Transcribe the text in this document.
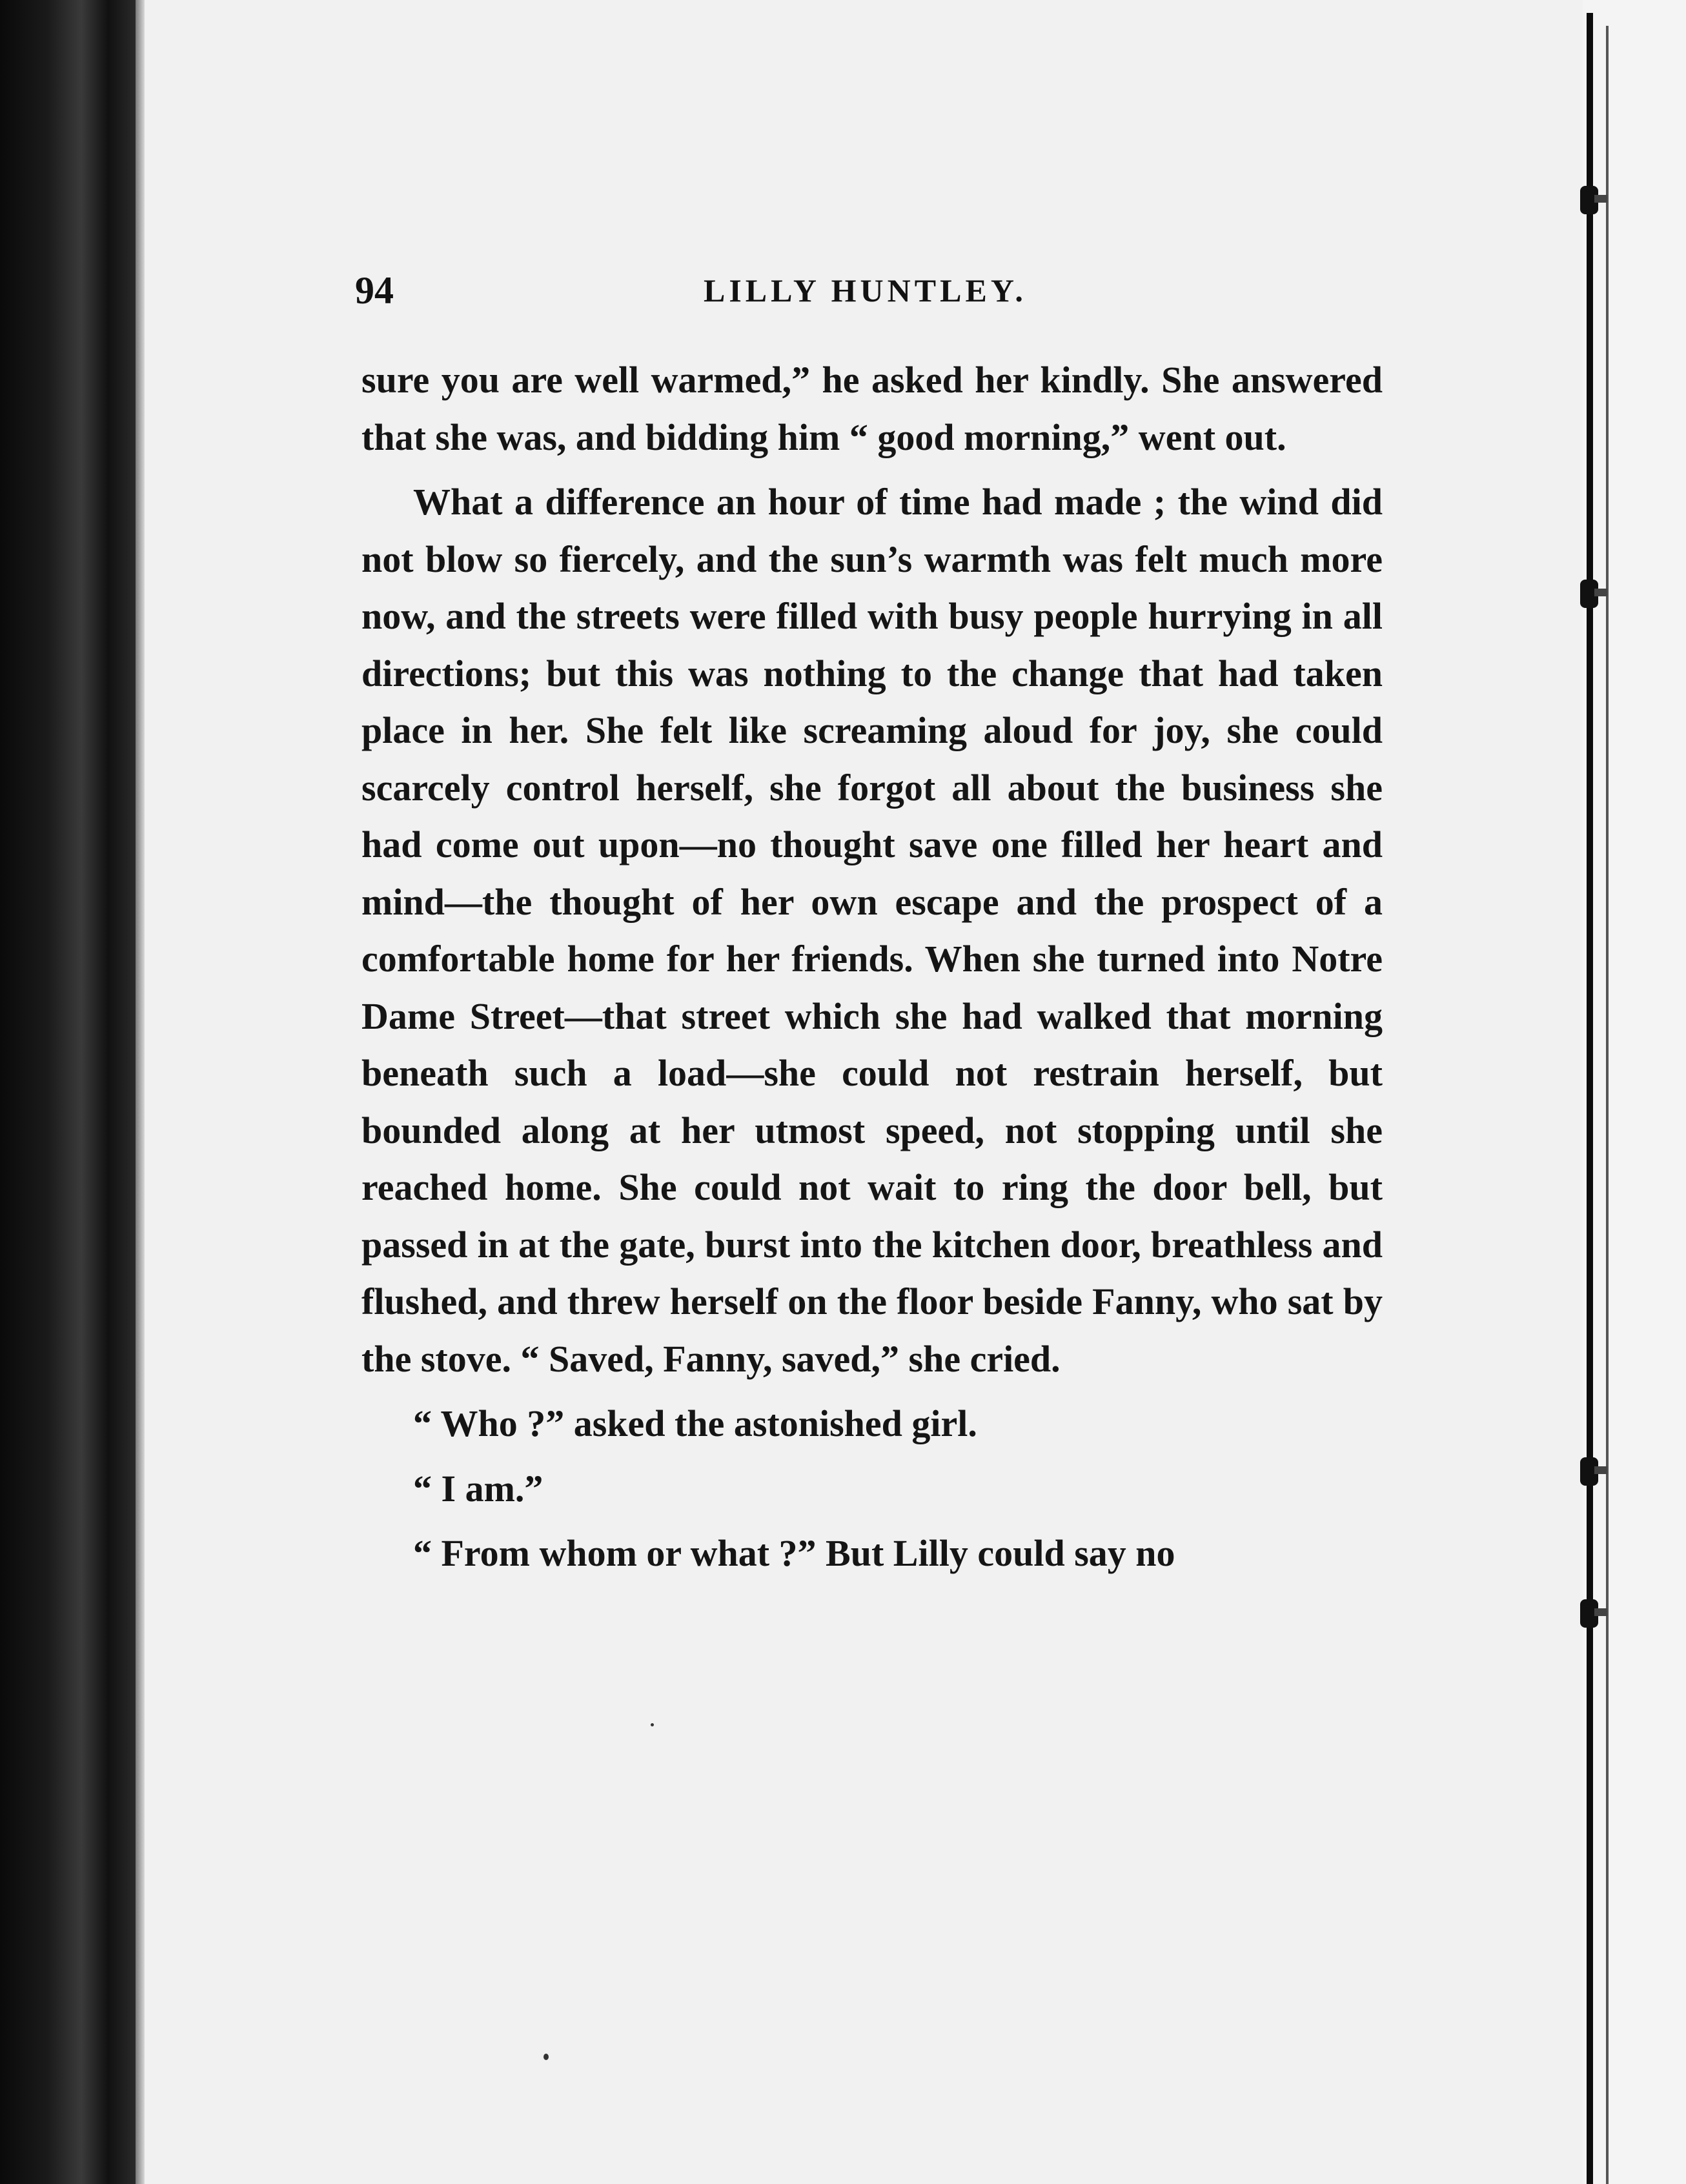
94	LILLY HUNTLEY.

sure you are well warmed,” he asked her kindly. She answered that she was, and bidding him “ good morning,” went out.

What a difference an hour of time had made ; the wind did not blow so fiercely, and the sun’s warmth was felt much more now, and the streets were filled with busy people hurrying in all directions; but this was nothing to the change that had taken place in her. She felt like screaming aloud for joy, she could scarcely control herself, she forgot all about the business she had come out upon—no thought save one filled her heart and mind—the thought of her own escape and the prospect of a comfortable home for her friends. When she turned into Notre Dame Street—that street which she had walked that morning beneath such a load—she could not restrain herself, but bounded along at her utmost speed, not stopping until she reached home. She could not wait to ring the door bell, but passed in at the gate, burst into the kitchen door, breathless and flushed, and threw herself on the floor beside Fanny, who sat by the stove. “ Saved, Fanny, saved,” she cried.

“ Who ?” asked the astonished girl.

“ I am.”

“ From whom or what ?” But Lilly could say no
